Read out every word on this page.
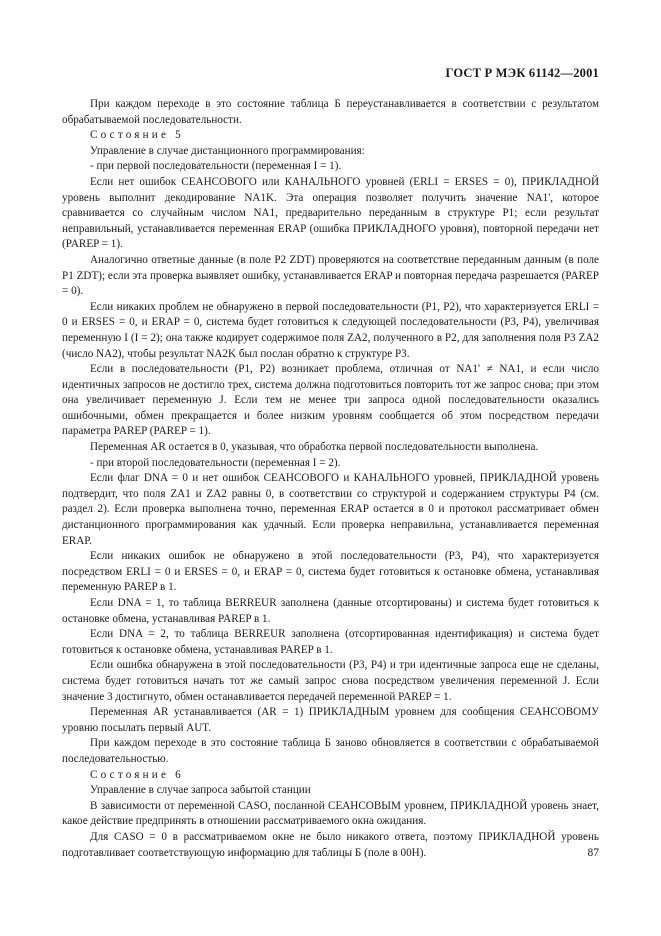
ГОСТ Р МЭК 61142—2001

При каждом переходе в это состояние таблица Б переустанавливается в соответствии с результатом обрабатываемой последовательности.

Состояние 5

Управление в случае дистанционного программирования:

- при первой последовательности (переменная I = 1).

Если нет ошибок СЕАНСОВОГО или КАНАЛЬНОГО уровней (ERLI = ERSES = 0), ПРИКЛАДНОЙ уровень выполнит декодирование NA1K. Эта операция позволяет получить значение NA1', которое сравнивается со случайным числом NA1, предварительно переданным в структуре P1; если результат неправильный, устанавливается переменная ERAP (ошибка ПРИКЛАДНОГО уровня), повторной передачи нет (PAREP = 1).

Аналогично ответные данные (в поле P2 ZDT) проверяются на соответствие переданным данным (в поле P1 ZDT); если эта проверка выявляет ошибку, устанавливается ERAP и повторная передача разрешается (PAREP = 0).

Если никаких проблем не обнаружено в первой последовательности (P1, P2), что характеризуется ERLI = 0 и ERSES = 0, и ERAP = 0, система будет готовиться к следующей последовательности (P3, P4), увеличивая переменную I (I = 2); она также кодирует содержимое поля ZA2, полученного в P2, для заполнения поля P3 ZA2 (число NA2), чтобы результат NA2K был послан обратно к структуре P3.

Если в последовательности (P1, P2) возникает проблема, отличная от NA1' ≠ NA1, и если число идентичных запросов не достигло трех, система должна подготовиться повторить тот же запрос снова; при этом она увеличивает переменную J. Если тем не менее три запроса одной последовательности оказались ошибочными, обмен прекращается и более низким уровням сообщается об этом посредством передачи параметра PAREP (PAREP = 1).

Переменная AR остается в 0, указывая, что обработка первой последовательности выполнена.

- при второй последовательности (переменная I = 2).

Если флаг DNA = 0 и нет ошибок СЕАНСОВОГО и КАНАЛЬНОГО уровней, ПРИКЛАДНОЙ уровень подтвердит, что поля ZA1 и ZA2 равны 0, в соответствии со структурой и содержанием структуры P4 (см. раздел 2). Если проверка выполнена точно, переменная ERAP остается в 0 и протокол рассматривает обмен дистанционного программирования как удачный. Если проверка неправильна, устанавливается переменная ERAP.

Если никаких ошибок не обнаружено в этой последовательности (P3, P4), что характеризуется посредством ERLI = 0 и ERSES = 0, и ERAP = 0, система будет готовиться к остановке обмена, устанавливая переменную PAREP в 1.

Если DNA = 1, то таблица BERREUR заполнена (данные отсортированы) и система будет готовиться к остановке обмена, устанавливая PAREP в 1.

Если DNA = 2, то таблица BERREUR заполнена (отсортированная идентификация) и система будет готовиться к остановке обмена, устанавливая PAREP в 1.

Если ошибка обнаружена в этой последовательности (P3, P4) и три идентичные запроса еще не сделаны, система будет готовиться начать тот же самый запрос снова посредством увеличения переменной J. Если значение 3 достигнуто, обмен останавливается передачей переменной PAREP = 1.

Переменная AR устанавливается (AR = 1) ПРИКЛАДНЫМ уровнем для сообщения СЕАНСОВОМУ уровню посылать первый AUT.

При каждом переходе в это состояние таблица Б заново обновляется в соответствии с обрабатываемой последовательностью.

Состояние 6

Управление в случае запроса забытой станции

В зависимости от переменной CASO, посланной СЕАНСОВЫМ уровнем, ПРИКЛАДНОЙ уровень знает, какое действие предпринять в отношении рассматриваемого окна ожидания.

Для CASO = 0 в рассматриваемом окне не было никакого ответа, поэтому ПРИКЛАДНОЙ уровень подготавливает соответствующую информацию для таблицы Б (поле в 00H).	87
